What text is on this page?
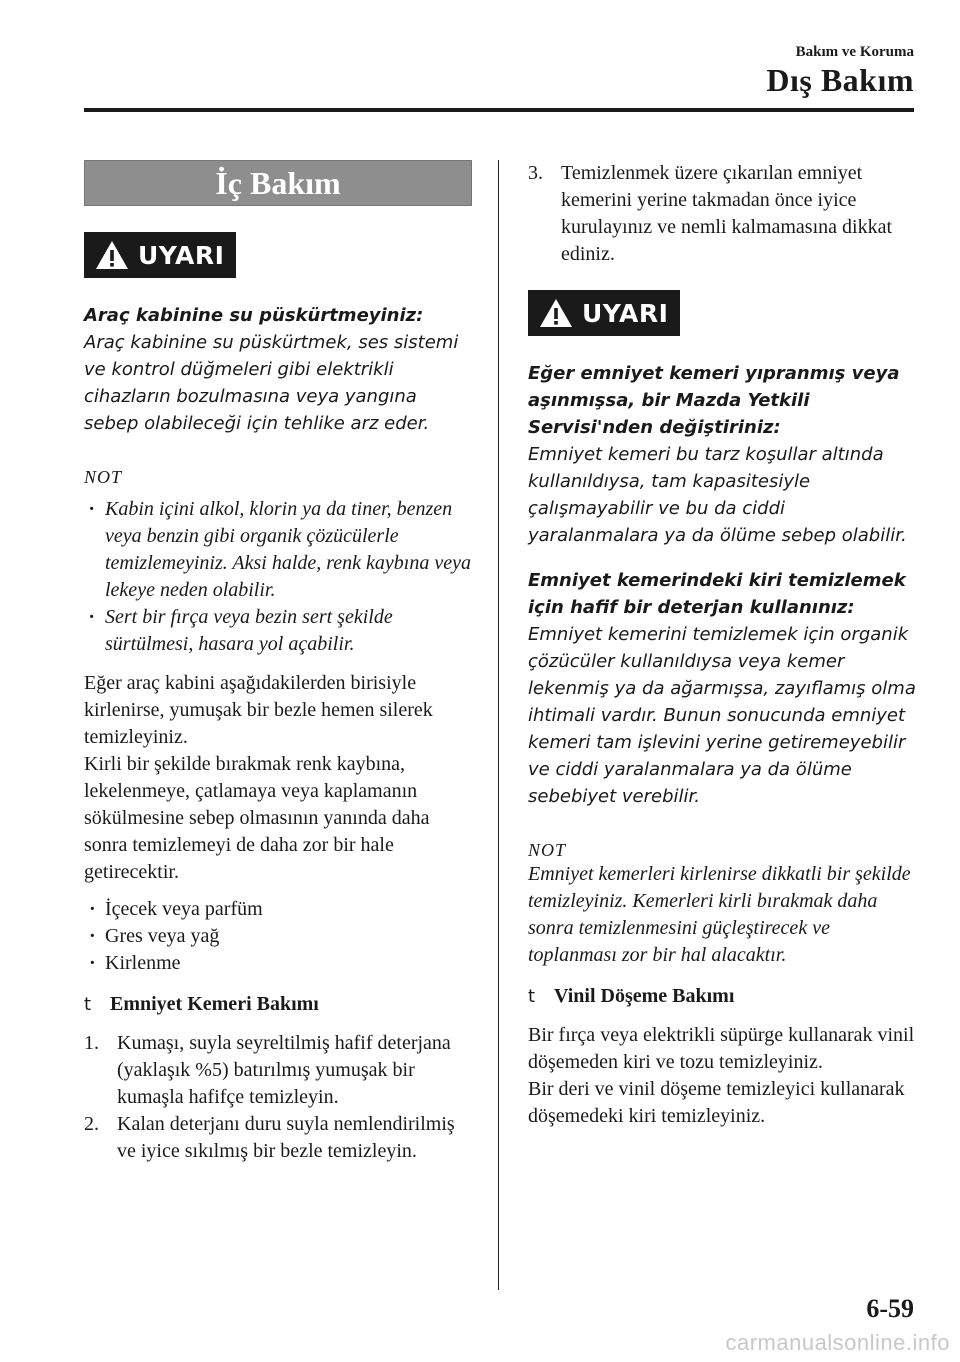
Bakım ve Koruma
Dış Bakım
İç Bakım
UYARI
Araç kabinine su püskürtmeyiniz:
Araç kabinine su püskürtmek, ses sistemi ve kontrol düğmeleri gibi elektrikli cihazların bozulmasına veya yangına sebep olabileceği için tehlike arz eder.
NOT
· Kabin içini alkol, klorin ya da tiner, benzen veya benzin gibi organik çözücülerle temizlemeyiniz. Aksi halde, renk kaybına veya lekeye neden olabilir.
· Sert bir fırça veya bezin sert şekilde sürtülmesi, hasara yol açabilir.
Eğer araç kabini aşağıdakilerden birisiyle kirlenirse, yumuşak bir bezle hemen silerek temizleyiniz.
Kirli bir şekilde bırakmak renk kaybına, lekelenmeye, çatlamaya veya kaplamanın sökülmesine sebep olmasının yanında daha sonra temizlemeyi de daha zor bir hale getirecektir.
· İçecek veya parfüm
· Gres veya yağ
· Kirlenme
t Emniyet Kemeri Bakımı
1. Kumaşı, suyla seyreltilmiş hafif deterjana (yaklaşık %5) batırılmış yumuşak bir kumaşla hafifçe temizleyin.
2. Kalan deterjanı duru suyla nemlendirilmiş ve iyice sıkılmış bir bezle temizleyin.
3. Temizlenmek üzere çıkarılan emniyet kemerini yerine takmadan önce iyice kurulayınız ve nemli kalmamasına dikkat ediniz.
UYARI
Eğer emniyet kemeri yıpranmış veya aşınmışsa, bir Mazda Yetkili Servisi'nden değiştiriniz:
Emniyet kemeri bu tarz koşullar altında kullanıldıysa, tam kapasitesiyle çalışmayabilir ve bu da ciddi yaralanmalara ya da ölüme sebep olabilir.
Emniyet kemerindeki kiri temizlemek için hafif bir deterjan kullanınız:
Emniyet kemerini temizlemek için organik çözücüler kullanıldıysa veya kemer lekenmiş ya da ağarmışsa, zayıflamış olma ihtimali vardır. Bunun sonucunda emniyet kemeri tam işlevini yerine getiremeyebilir ve ciddi yaralanmalara ya da ölüme sebebiyet verebilir.
NOT
Emniyet kemerleri kirlenirse dikkatli bir şekilde temizleyiniz. Kemerleri kirli bırakmak daha sonra temizlenmesini güçleştirecek ve toplanması zor bir hal alacaktır.
t Vinil Döşeme Bakımı
Bir fırça veya elektrikli süpürge kullanarak vinil döşemeden kiri ve tozu temizleyiniz.
Bir deri ve vinil döşeme temizleyici kullanarak döşemedeki kiri temizleyiniz.
6-59
carmanualsonline.info
